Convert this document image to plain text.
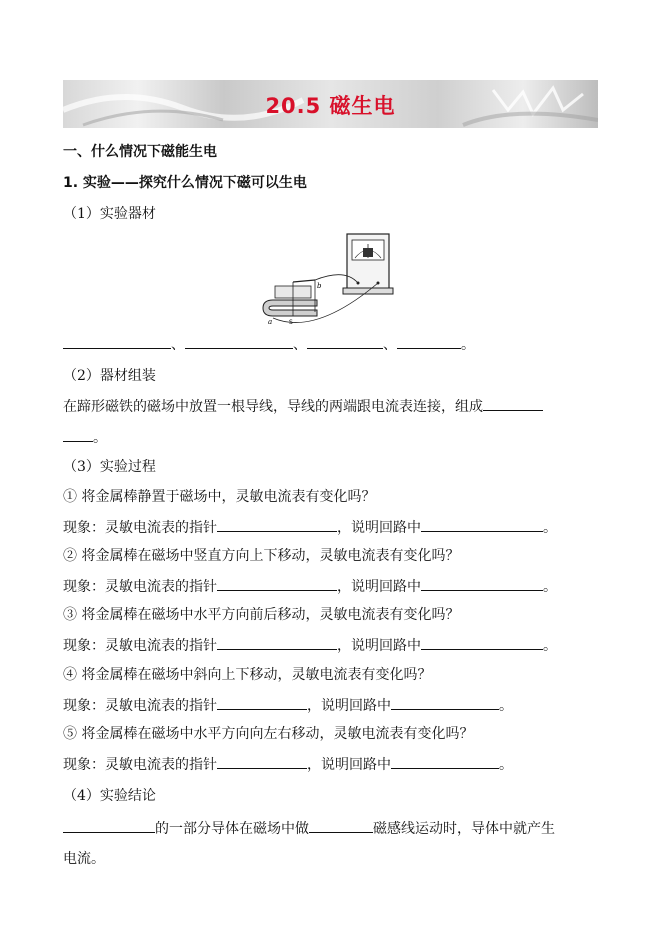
20.5 磁生电
一、什么情况下磁能生电
1. 实验——探究什么情况下磁可以生电
（1）实验器材
a
b
S
、	、	、	。
（2）器材组装
在蹄形磁铁的磁场中放置一根导线，导线的两端跟电流表连接，组成
。
（3）实验过程
① 将金属棒静置于磁场中，灵敏电流表有变化吗？
现象：灵敏电流表的指针	，说明回路中	。
② 将金属棒在磁场中竖直方向上下移动，灵敏电流表有变化吗？
现象：灵敏电流表的指针	，说明回路中	。
③ 将金属棒在磁场中水平方向前后移动，灵敏电流表有变化吗？
现象：灵敏电流表的指针	，说明回路中	。
④ 将金属棒在磁场中斜向上下移动，灵敏电流表有变化吗？
现象：灵敏电流表的指针	，说明回路中	。
⑤ 将金属棒在磁场中水平方向向左右移动，灵敏电流表有变化吗？
现象：灵敏电流表的指针	，说明回路中	。
（4）实验结论
的一部分导体在磁场中做	磁感线运动时，导体中就产生
电流。
